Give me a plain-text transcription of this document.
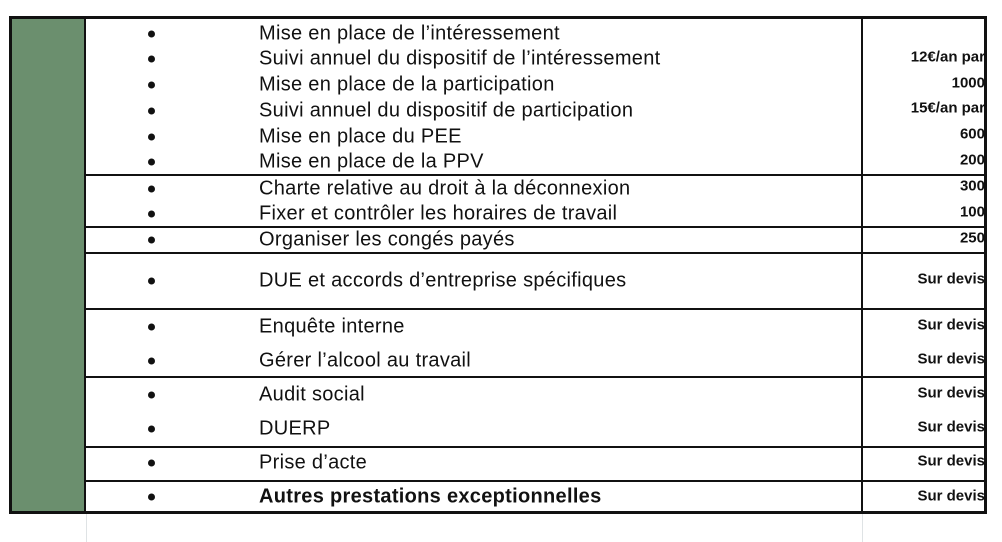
Mise en place de l’intéressement
Suivi annuel du dispositif de l’intéressement	12€/an par
Mise en place de la participation	1000
Suivi annuel du dispositif de participation	15€/an par
Mise en place du PEE	600
Mise en place de la PPV	200
Charte relative au droit à la déconnexion	300
Fixer et contrôler les horaires de travail	100
Organiser les congés payés	250
DUE et accords d’entreprise spécifiques	Sur devis
Enquête interne	Sur devis
Gérer l’alcool au travail	Sur devis
Audit social	Sur devis
DUERP	Sur devis
Prise d’acte	Sur devis
Autres prestations exceptionnelles	Sur devis
